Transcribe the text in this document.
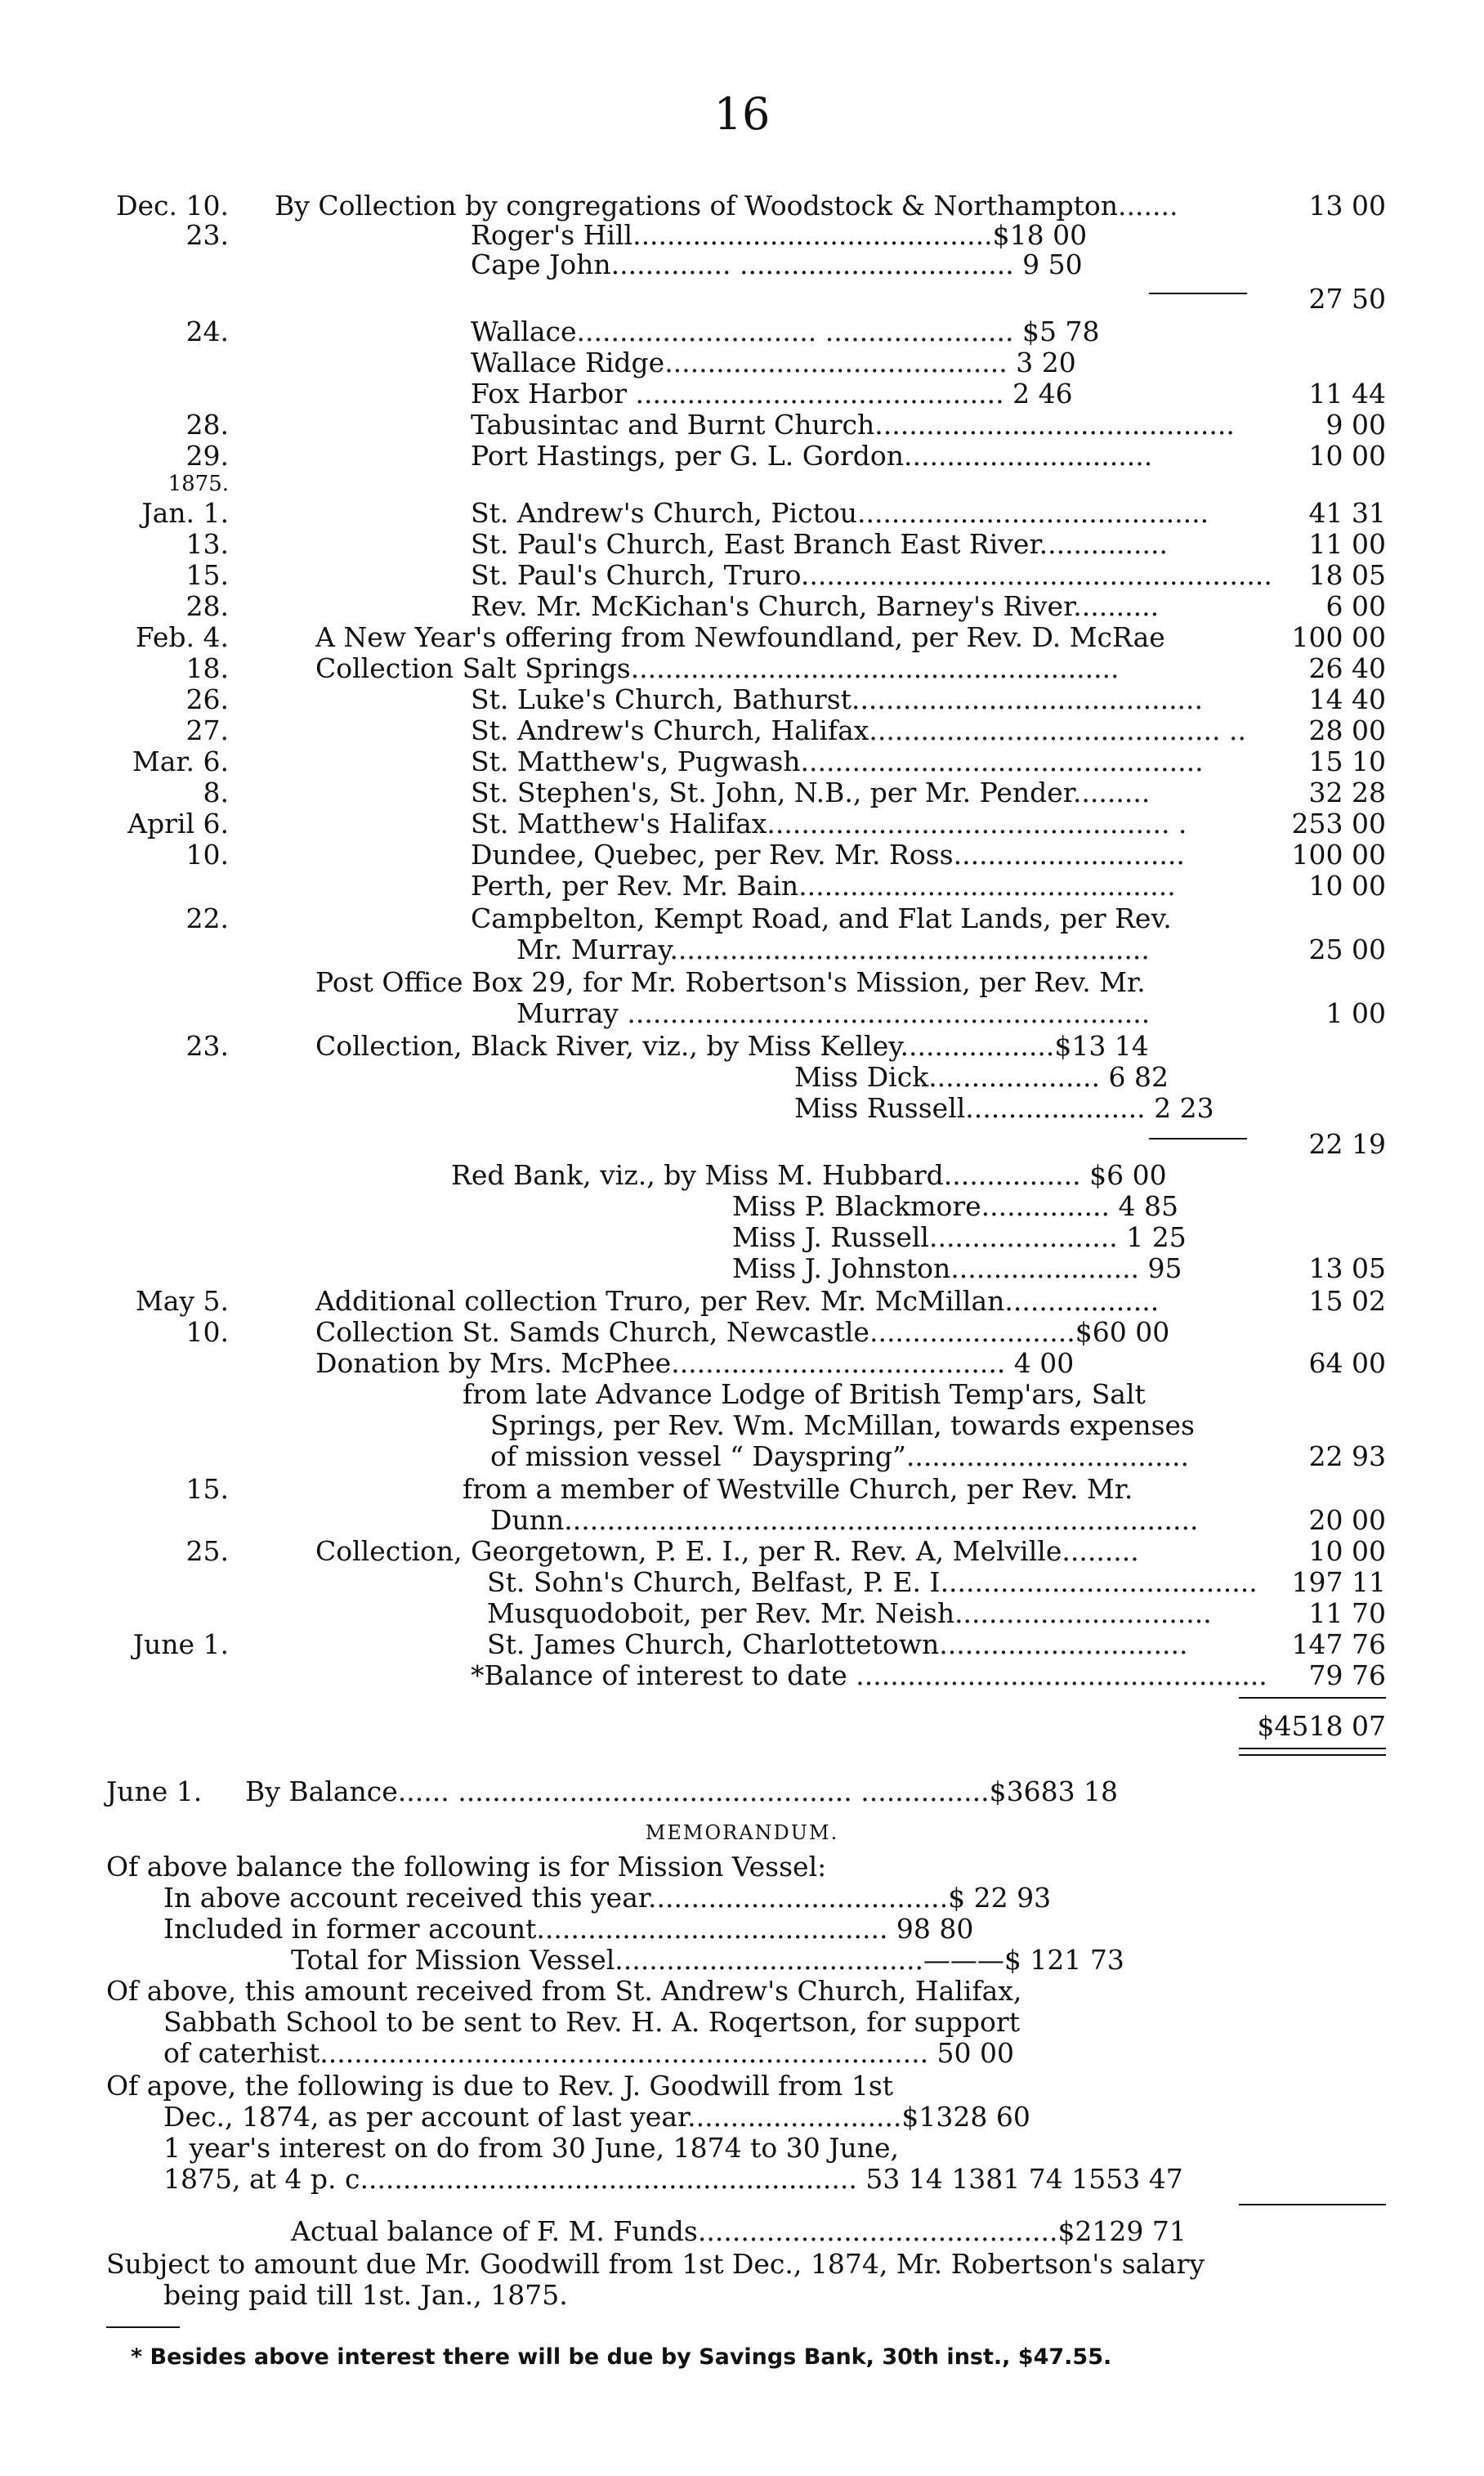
16
Dec. 10. By Collection by congregations of Woodstock & Northampton.......	13 00
23.	Roger's Hill..........................................$18 00
Cape John.............. ................................ 9 50
27 50
24.	Wallace............................ ...................... $5 78
Wallace Ridge........................................ 3 20
Fox Harbor ........................................... 2 46	11 44
28.	Tabusintac and Burnt Church..........................................	9 00
29.	Port Hastings, per G. L. Gordon.............................	10 00
1875.
Jan. 1.	St. Andrew's Church, Pictou.........................................	41 31
13.	St. Paul's Church, East Branch East River...............	11 00
15.	St. Paul's Church, Truro....................................................... 18 05
28.	Rev. Mr. McKichan's Church, Barney's River..........	6 00
Feb. 4.	A New Year's offering from Newfoundland, per Rev. D. McRae	100 00
18.	Collection Salt Springs.........................................................	26 40
26.	St. Luke's Church, Bathurst.........................................	14 40
27.	St. Andrew's Church, Halifax......................................... .. 28 00
Mar. 6.	St. Matthew's, Pugwash...............................................	15 10
8.	St. Stephen's, St. John, N.B., per Mr. Pender.........	32 28
April 6.	St. Matthew's Halifax............................................... .	253 00
10.	Dundee, Quebec, per Rev. Mr. Ross...........................	100 00
Perth, per Rev. Mr. Bain............................................	10 00
22.	Campbelton, Kempt Road, and Flat Lands, per Rev.
Mr. Murray........................................................	25 00
Post Office Box 29, for Mr. Robertson's Mission, per Rev. Mr.
Murray .............................................................	1 00
23.	Collection, Black River, viz., by Miss Kelley..................$13 14
Miss Dick.................... 6 82
Miss Russell..................... 2 23
22 19
Red Bank, viz., by Miss M. Hubbard................ $6 00
Miss P. Blackmore............... 4 85
Miss J. Russell...................... 1 25
Miss J. Johnston...................... 95	13 05
May 5.	Additional collection Truro, per Rev. Mr. McMillan..................	15 02
10.	Collection St. Samds Church, Newcastle........................$60 00
Donation by Mrs. McPhee....................................... 4 00	64 00
from late Advance Lodge of British Temp'ars, Salt
Springs, per Rev. Wm. McMillan, towards expenses
of mission vessel “ Dayspring”.................................	22 93
15.	from a member of Westville Church, per Rev. Mr.
Dunn..........................................................................	20 00
25.	Collection, Georgetown, P. E. I., per R. Rev. A, Melville.........	10 00
St. Sohn's Church, Belfast, P. E. I..................................... 197 11
Musquodoboit, per Rev. Mr. Neish..............................	11 70
June 1.	St. James Church, Charlottetown.............................	147 76
*Balance of interest to date ................................................ 79 76
$4518 07
June 1. By Balance...... .............................................. ...............$3683 18
MEMORANDUM.
Of above balance the following is for Mission Vessel:
In above account received this year...................................$ 22 93
Included in former account......................................... 98 80
Total for Mission Vessel....................................———$ 121 73
Of above, this amount received from St. Andrew's Church, Halifax,
Sabbath School to be sent to Rev. H. A. Roqertson, for support
of caterhist....................................................................... 50 00
Of apove, the following is due to Rev. J. Goodwill from 1st
Dec., 1874, as per account of last year.........................$1328 60
1 year's interest on do from 30 June, 1874 to 30 June,
1875, at 4 p. c.......................................................... 53 14 1381 74 1553 47
Actual balance of F. M. Funds..........................................$2129 71
Subject to amount due Mr. Goodwill from 1st Dec., 1874, Mr. Robertson's salary
being paid till 1st. Jan., 1875.
* Besides above interest there will be due by Savings Bank, 30th inst., $47.55.
